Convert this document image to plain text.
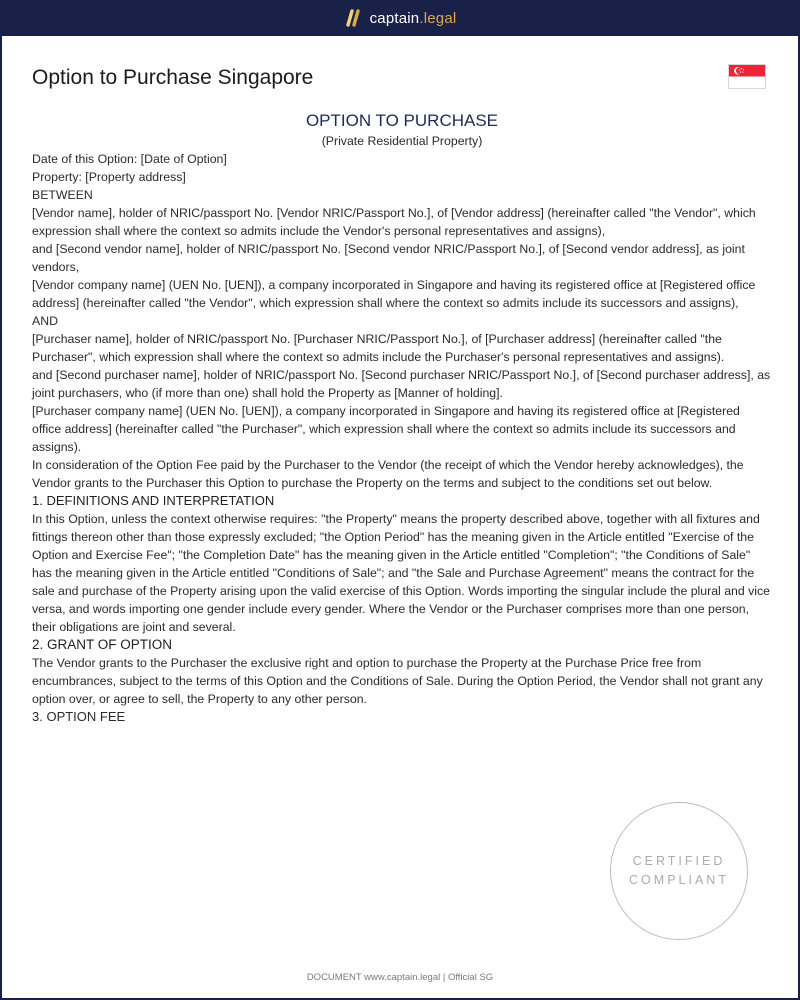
captain.legal
Option to Purchase Singapore

OPTION TO PURCHASE

(Private Residential Property)

Date of this Option: [Date of Option]

Property: [Property address]

BETWEEN

[Vendor name], holder of NRIC/passport No. [Vendor NRIC/Passport No.], of [Vendor address] (hereinafter called "the Vendor", which expression shall where the context so admits include the Vendor's personal representatives and assigns),

and [Second vendor name], holder of NRIC/passport No. [Second vendor NRIC/Passport No.], of [Second vendor address], as joint vendors,

[Vendor company name] (UEN No. [UEN]), a company incorporated in Singapore and having its registered office at [Registered office address] (hereinafter called "the Vendor", which expression shall where the context so admits include its successors and assigns),

AND

[Purchaser name], holder of NRIC/passport No. [Purchaser NRIC/Passport No.], of [Purchaser address] (hereinafter called "the Purchaser", which expression shall where the context so admits include the Purchaser's personal representatives and assigns).

and [Second purchaser name], holder of NRIC/passport No. [Second purchaser NRIC/Passport No.], of [Second purchaser address], as joint purchasers, who (if more than one) shall hold the Property as [Manner of holding].

[Purchaser company name] (UEN No. [UEN]), a company incorporated in Singapore and having its registered office at [Registered office address] (hereinafter called "the Purchaser", which expression shall where the context so admits include its successors and assigns).

In consideration of the Option Fee paid by the Purchaser to the Vendor (the receipt of which the Vendor hereby acknowledges), the Vendor grants to the Purchaser this Option to purchase the Property on the terms and subject to the conditions set out below.

1. DEFINITIONS AND INTERPRETATION

In this Option, unless the context otherwise requires: "the Property" means the property described above, together with all fixtures and fittings thereon other than those expressly excluded; "the Option Period" has the meaning given in the Article entitled "Exercise of the Option and Exercise Fee"; "the Completion Date" has the meaning given in the Article entitled "Completion"; "the Conditions of Sale" has the meaning given in the Article entitled "Conditions of Sale"; and "the Sale and Purchase Agreement" means the contract for the sale and purchase of the Property arising upon the valid exercise of this Option. Words importing the singular include the plural and vice versa, and words importing one gender include every gender. Where the Vendor or the Purchaser comprises more than one person, their obligations are joint and several.

2. GRANT OF OPTION

The Vendor grants to the Purchaser the exclusive right and option to purchase the Property at the Purchase Price free from encumbrances, subject to the terms of this Option and the Conditions of Sale. During the Option Period, the Vendor shall not grant any option over, or agree to sell, the Property to any other person.

3. OPTION FEE

CERTIFIED
COMPLIANT
DOCUMENT www.captain.legal | Official SG
